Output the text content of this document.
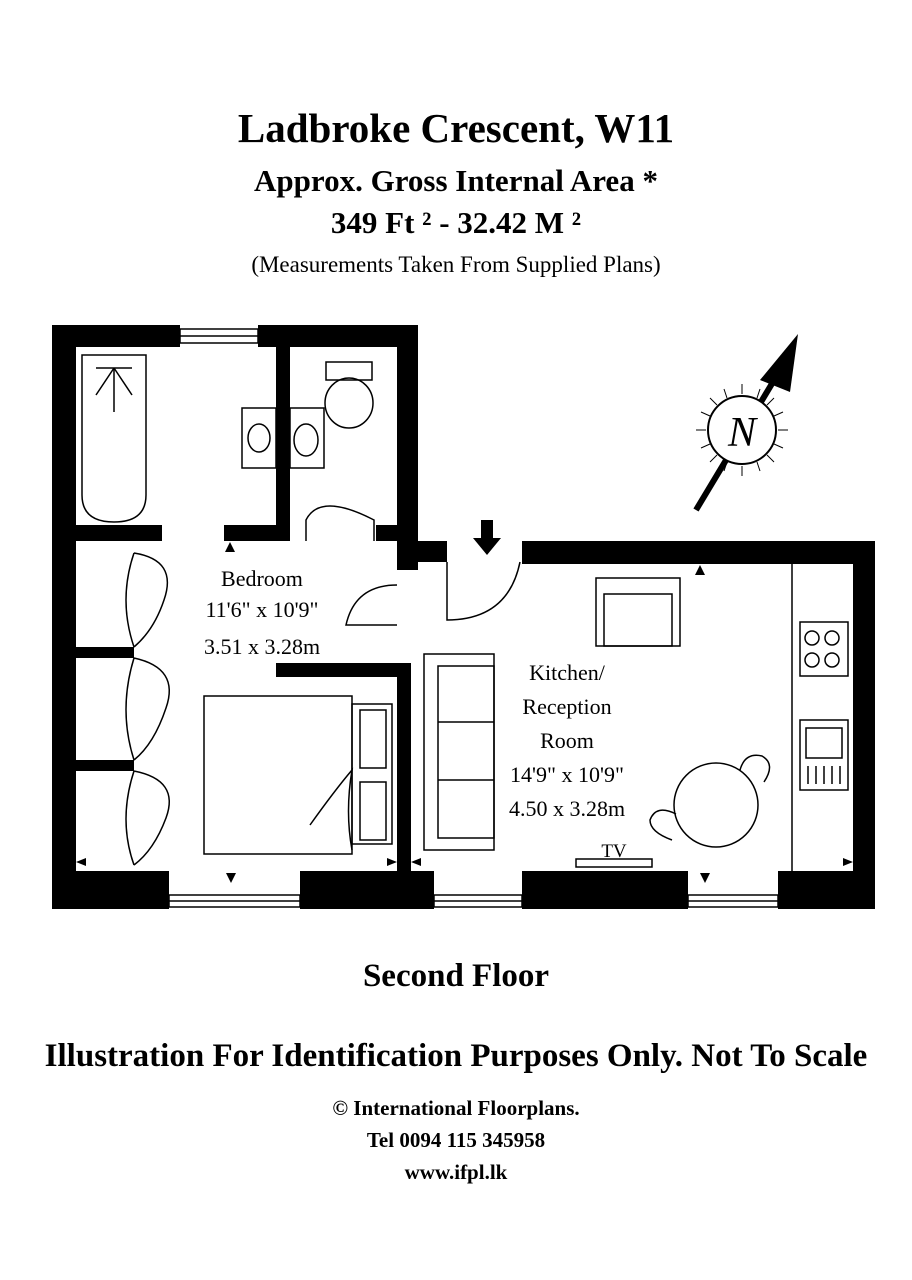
Ladbroke Crescent, W11
Approx. Gross Internal Area *
349 Ft ² - 32.42 M ²
(Measurements Taken From Supplied Plans)
N
Bedroom
11'6" x 10'9"
3.51 x 3.28m
Kitchen/
Reception
Room
14'9" x 10'9"
4.50 x 3.28m
TV
Second Floor
Illustration For Identification Purposes Only. Not To Scale
© International Floorplans.
Tel 0094 115 345958
www.ifpl.lk
